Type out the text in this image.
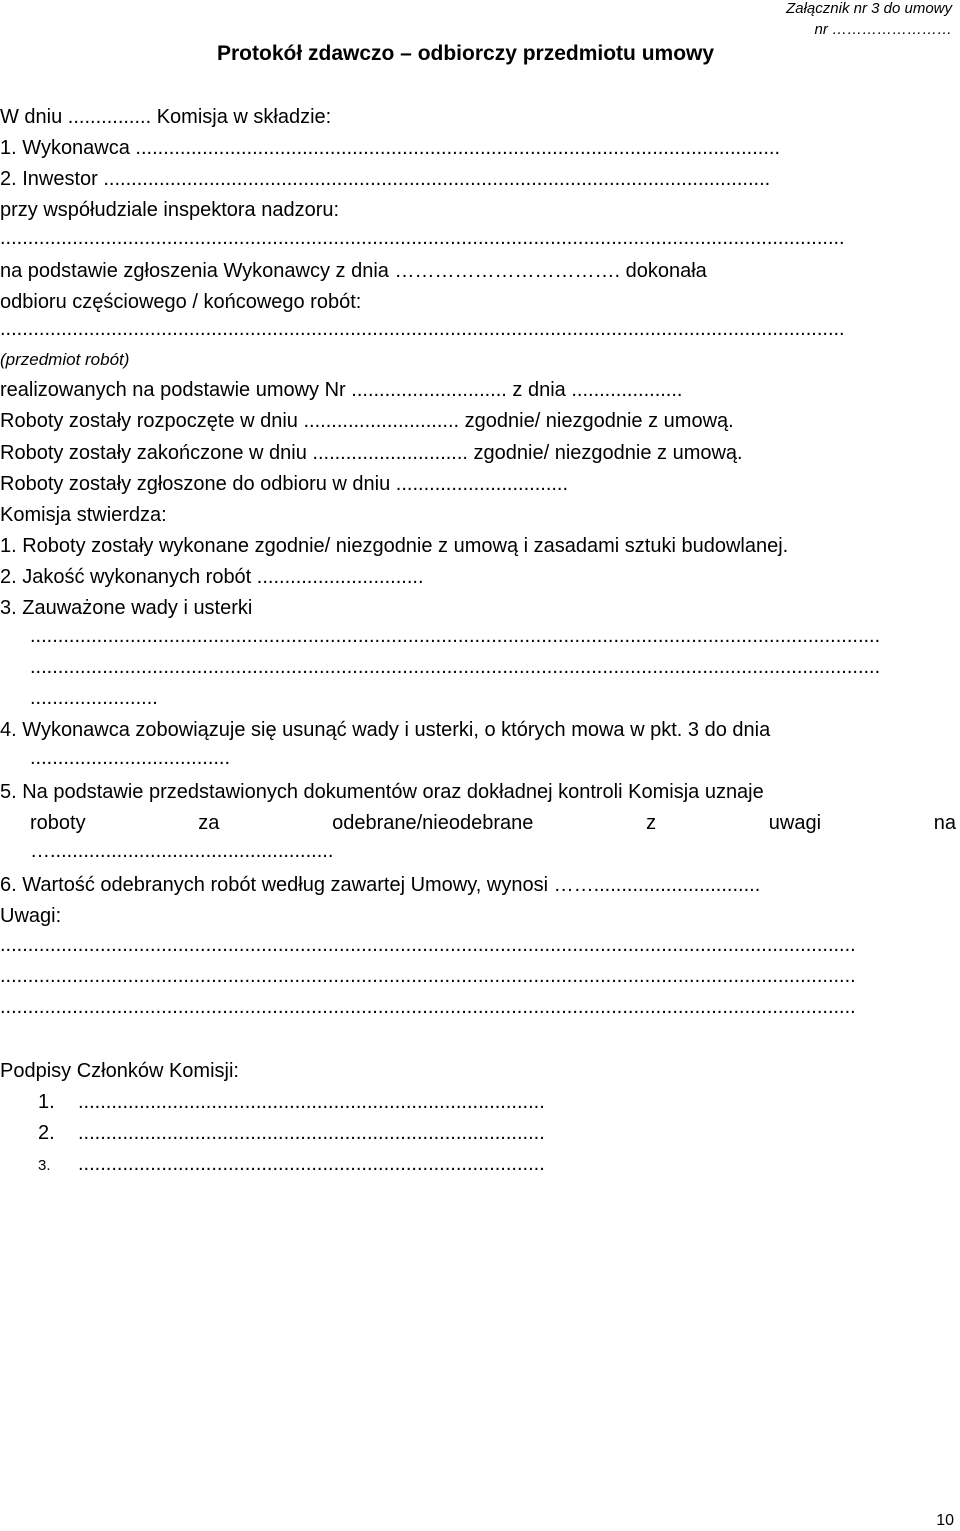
Załącznik nr 3 do umowy
nr ……………………
Protokół zdawczo – odbiorczy przedmiotu umowy
W dniu ............... Komisja w składzie:
1. Wykonawca ....................................................................................................................
2. Inwestor ........................................................................................................................
przy współudziale inspektora nadzoru:
........................................................................................................................................................
na podstawie zgłoszenia Wykonawcy z dnia ……………………………. dokonała
odbioru częściowego / końcowego robót:
........................................................................................................................................................
(przedmiot robót)
realizowanych na podstawie umowy Nr ............................ z dnia ....................
Roboty zostały rozpoczęte w dniu ............................ zgodnie/ niezgodnie z umową.
Roboty zostały zakończone w dniu ............................ zgodnie/ niezgodnie z umową.
Roboty zostały zgłoszone do odbioru w dniu ...............................
Komisja stwierdza:
1. Roboty zostały wykonane zgodnie/ niezgodnie z umową i zasadami sztuki budowlanej.
2. Jakość wykonanych robót ..............................
3. Zauważone wady i usterki
.........................................................................................................................................................
.........................................................................................................................................................
.......................
4. Wykonawca zobowiązuje się usunąć wady i usterki, o których mowa w pkt. 3 do dnia
....................................
5. Na podstawie przedstawionych dokumentów oraz dokładnej kontroli Komisja uznaje
roboty	za	odebrane/nieodebrane	z	uwagi	na
…...................................................
6. Wartość odebranych robót według zawartej Umowy, wynosi ……..............................
Uwagi:
..........................................................................................................................................................
..........................................................................................................................................................
..........................................................................................................................................................
Podpisy Członków Komisji:
1. ....................................................................................
2. ....................................................................................
3. ....................................................................................
10
